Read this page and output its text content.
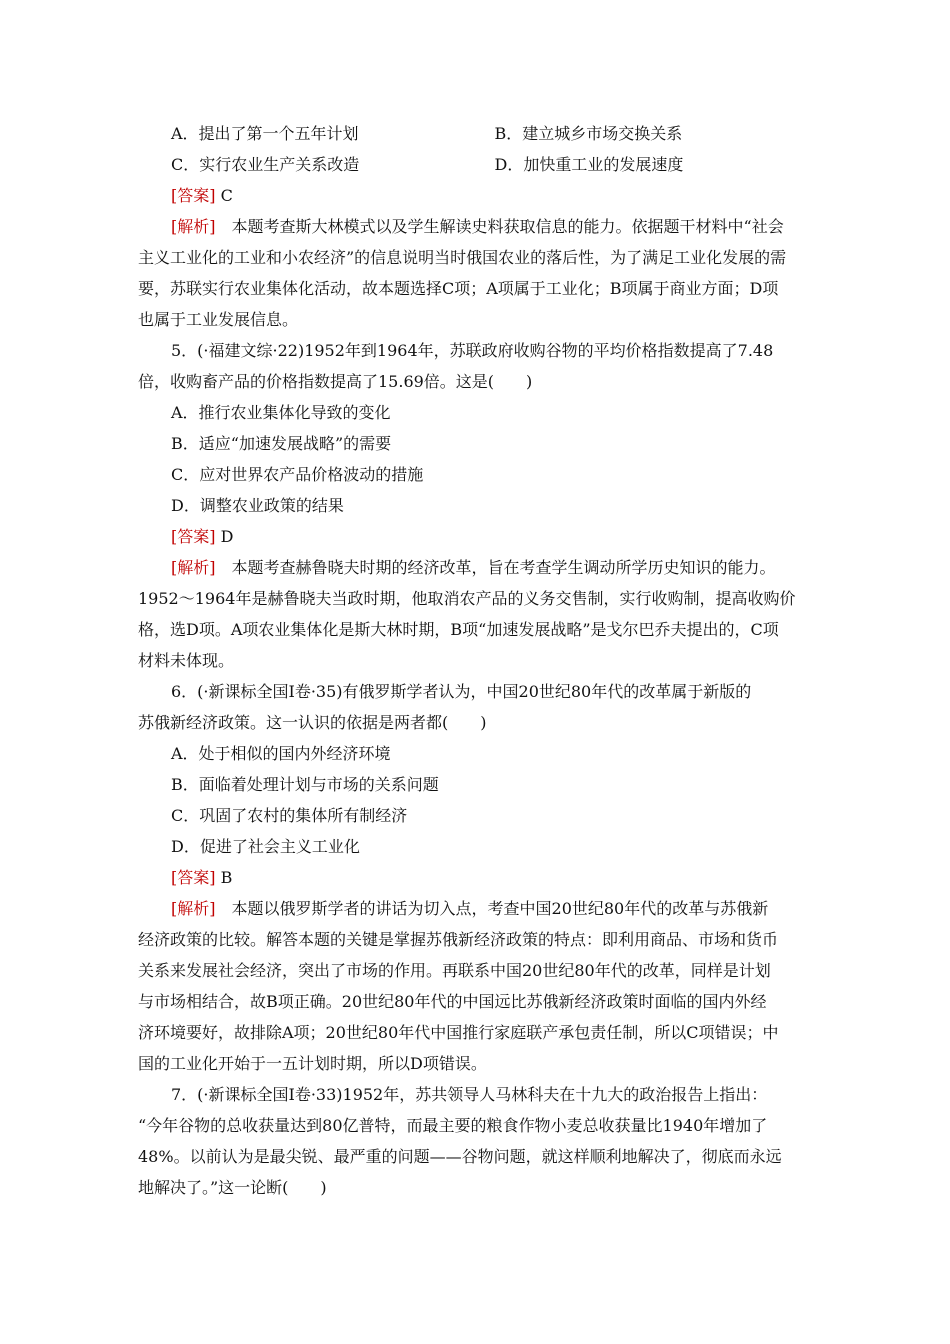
A．提出了第一个五年计划	B．建立城乡市场交换关系
C．实行农业生产关系改造	D．加快重工业的发展速度
[答案] C
[解析]　 本题考查斯大林模式以及学生解读史料获取信息的能力。依据题干材料中“社会
主义工业化的工业和小农经济”的信息说明当时俄国农业的落后性，为了满足工业化发展的需
要，苏联实行农业集体化活动，故本题选择C项；A项属于工业化；B项属于商业方面；D项
也属于工业发展信息。
5．(·福建文综·22)1952年到1964年，苏联政府收购谷物的平均价格指数提高了7.48
倍，收购畜产品的价格指数提高了15.69倍。这是(　　)
A．推行农业集体化导致的变化
B．适应“加速发展战略”的需要
C．应对世界农产品价格波动的措施
D．调整农业政策的结果
[答案] D
[解析]　 本题考查赫鲁晓夫时期的经济改革，旨在考查学生调动所学历史知识的能力。
1952～1964年是赫鲁晓夫当政时期，他取消农产品的义务交售制，实行收购制，提高收购价
格，选D项。A项农业集体化是斯大林时期，B项“加速发展战略”是戈尔巴乔夫提出的，C项
材料未体现。
6．(·新课标全国Ⅰ卷·35)有俄罗斯学者认为，中国20世纪80年代的改革属于新版的
苏俄新经济政策。这一认识的依据是两者都(　　)
A．处于相似的国内外经济环境
B．面临着处理计划与市场的关系问题
C．巩固了农村的集体所有制经济
D．促进了社会主义工业化
[答案] B
[解析]　 本题以俄罗斯学者的讲话为切入点，考查中国20世纪80年代的改革与苏俄新
经济政策的比较。解答本题的关键是掌握苏俄新经济政策的特点：即利用商品、市场和货币
关系来发展社会经济，突出了市场的作用。再联系中国20世纪80年代的改革，同样是计划
与市场相结合，故B项正确。20世纪80年代的中国远比苏俄新经济政策时面临的国内外经
济环境要好，故排除A项；20世纪80年代中国推行家庭联产承包责任制，所以C项错误；中
国的工业化开始于一五计划时期，所以D项错误。
7．(·新课标全国Ⅰ卷·33)1952年，苏共领导人马林科夫在十九大的政治报告上指出：
“今年谷物的总收获量达到80亿普特，而最主要的粮食作物小麦总收获量比1940年增加了
48%。以前认为是最尖锐、最严重的问题——谷物问题，就这样顺利地解决了，彻底而永远
地解决了。”这一论断(　　)
